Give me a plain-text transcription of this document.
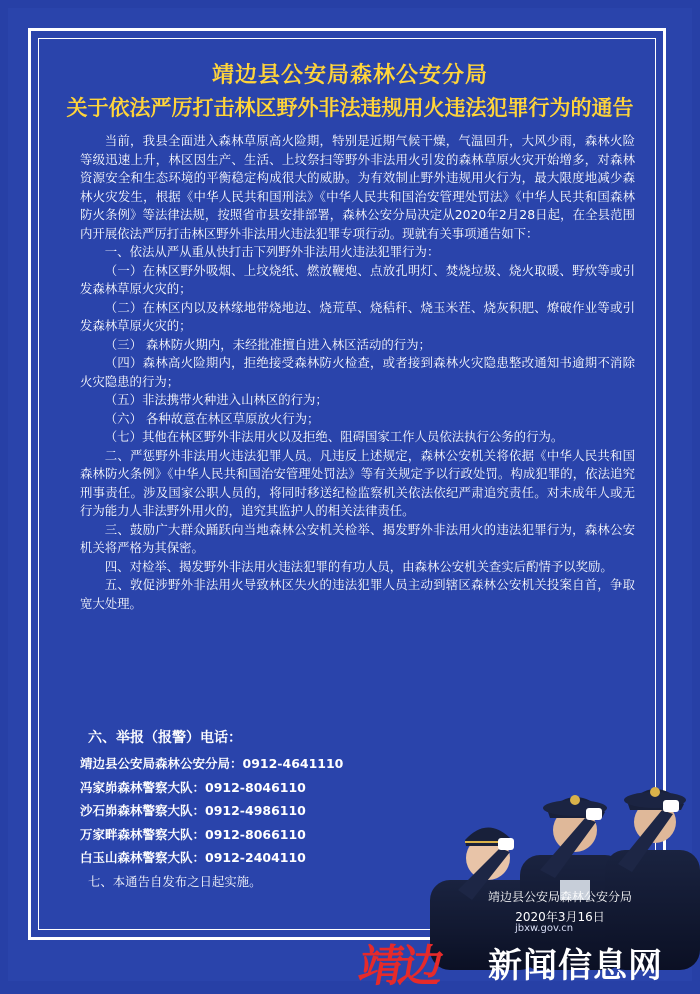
靖边县公安局森林公安分局
关于依法严厉打击林区野外非法违规用火违法犯罪行为的通告

当前，我县全面进入森林草原高火险期，特别是近期气候干燥，气温回升，大风少雨，森林火险等级迅速上升，林区因生产、生活、上坟祭扫等野外非法用火引发的森林草原火灾开始增多，对森林资源安全和生态环境的平衡稳定构成很大的威胁。为有效制止野外违规用火行为，最大限度地减少森林火灾发生，根据《中华人民共和国刑法》《中华人民共和国治安管理处罚法》《中华人民共和国森林防火条例》等法律法规，按照省市县安排部署，森林公安分局决定从2020年2月28日起，在全县范围内开展依法严厉打击林区野外非法用火违法犯罪专项行动。现就有关事项通告如下：

一、依法从严从重从快打击下列野外非法用火违法犯罪行为：

（一）在林区野外吸烟、上坟烧纸、燃放鞭炮、点放孔明灯、焚烧垃圾、烧火取暖、野炊等或引发森林草原火灾的；

（二）在林区内以及林缘地带烧地边、烧荒草、烧秸秆、烧玉米茬、烧灰积肥、燎破作业等或引发森林草原火灾的；

（三） 森林防火期内，未经批准擅自进入林区活动的行为；

（四）森林高火险期内，拒绝接受森林防火检查，或者接到森林火灾隐患整改通知书逾期不消除火灾隐患的行为；

（五）非法携带火种进入山林区的行为；

（六） 各种故意在林区草原放火行为；

（七）其他在林区野外非法用火以及拒绝、阻碍国家工作人员依法执行公务的行为。

二、严惩野外非法用火违法犯罪人员。凡违反上述规定，森林公安机关将依据《中华人民共和国森林防火条例》《中华人民共和国治安管理处罚法》等有关规定予以行政处罚。构成犯罪的，依法追究刑事责任。涉及国家公职人员的，将同时移送纪检监察机关依法依纪严肃追究责任。对未成年人或无行为能力人非法野外用火的，追究其监护人的相关法律责任。

三、鼓励广大群众踊跃向当地森林公安机关检举、揭发野外非法用火的违法犯罪行为，森林公安机关将严格为其保密。

四、对检举、揭发野外非法用火违法犯罪的有功人员，由森林公安机关查实后酌情予以奖励。

五、敦促涉野外非法用火导致林区失火的违法犯罪人员主动到辖区森林公安机关投案自首，争取宽大处理。

六、举报（报警）电话：
靖边县公安局森林公安分局：0912-4641110
冯家峁森林警察大队：0912-8046110
沙石峁森林警察大队：0912-4986110
万家畔森林警察大队：0912-8066110
白玉山森林警察大队：0912-2404110
七、本通告自发布之日起实施。
靖边县公安局森林公安分局
2020年3月16日
jbxw.gov.cn
靖边 新闻信息网
